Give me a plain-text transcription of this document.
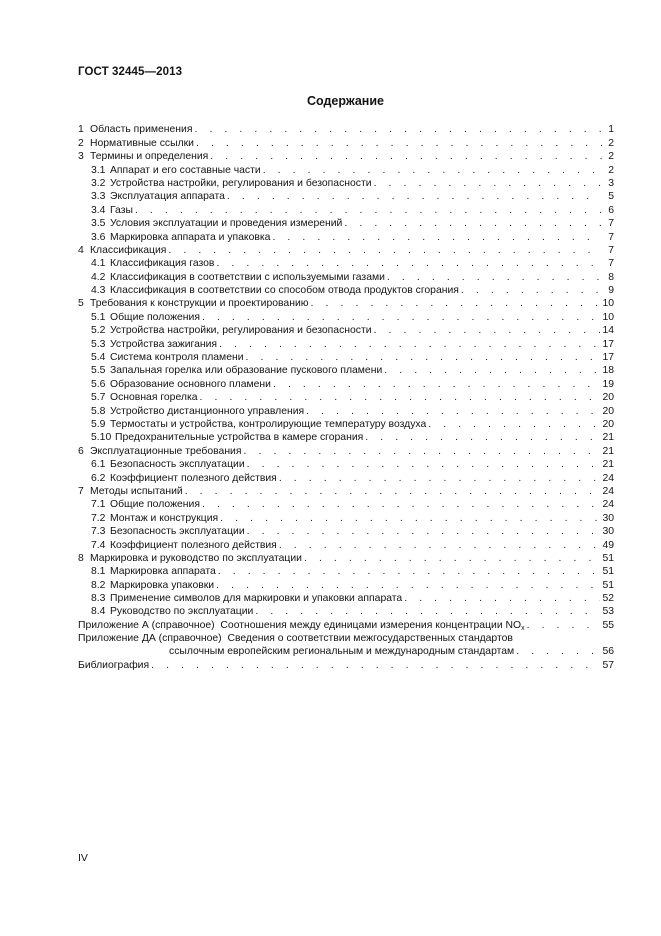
ГОСТ 32445—2013
Содержание
1 Область применения . . .	1
2 Нормативные ссылки . . .	2
3 Термины и определения . . .	2
3.1 Аппарат и его составные части . . .	2
3.2 Устройства настройки, регулирования и безопасности . . .	3
3.3 Эксплуатация аппарата . . .	5
3.4 Газы . . .	6
3.5 Условия эксплуатации и проведения измерений . . .	7
3.6 Маркировка аппарата и упаковка . . .	7
4 Классификация . . .	7
4.1 Классификация газов . . .	7
4.2 Классификация в соответствии с используемыми газами . . .	8
4.3 Классификация в соответствии со способом отвода продуктов сгорания . . .	9
5 Требования к конструкции и проектированию . . .	10
5.1 Общие положения . . .	10
5.2 Устройства настройки, регулирования и безопасности . . .	14
5.3 Устройства зажигания . . .	17
5.4 Система контроля пламени . . .	17
5.5 Запальная горелка или образование пускового пламени . . .	18
5.6 Образование основного пламени . . .	19
5.7 Основная горелка . . .	20
5.8 Устройство дистанционного управления . . .	20
5.9 Термостаты и устройства, контролирующие температуру воздуха . . .	20
5.10 Предохранительные устройства в камере сгорания . . .	21
6 Эксплуатационные требования . . .	21
6.1 Безопасность эксплуатации . . .	21
6.2 Коэффициент полезного действия . . .	24
7 Методы испытаний . . .	24
7.1 Общие положения . . .	24
7.2 Монтаж и конструкция . . .	30
7.3 Безопасность эксплуатации . . .	30
7.4 Коэффициент полезного действия . . .	49
8 Маркировка и руководство по эксплуатации . . .	51
8.1 Маркировка аппарата . . .	51
8.2 Маркировка упаковки . . .	51
8.3 Применение символов для маркировки и упаковки аппарата . . .	52
8.4 Руководство по эксплуатации . . .	53
Приложение А (справочное) Соотношения между единицами измерения концентрации $NO_x$ . . .	55
Приложение ДА (справочное) Сведения о соответствии межгосударственных стандартов
ссылочным европейским региональным и международным стандартам . . .	56
Библиография . . .	57
IV
